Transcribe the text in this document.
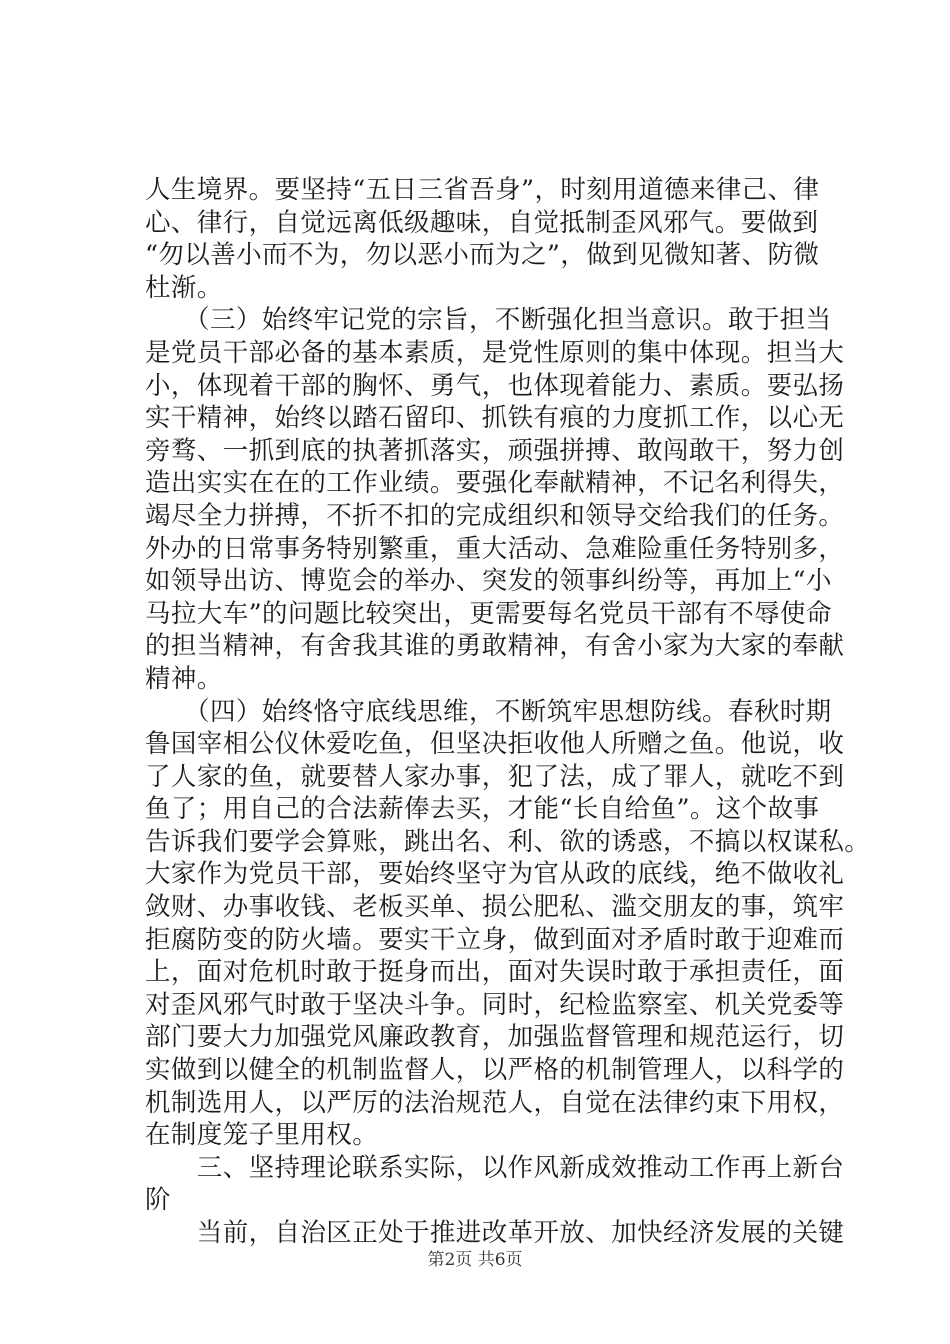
人生境界。要坚持“五日三省吾身”，时刻用道德来律己、律
心、律行，自觉远离低级趣味，自觉抵制歪风邪气。要做到
“勿以善小而不为，勿以恶小而为之”，做到见微知著、防微
杜渐。
　　（三）始终牢记党的宗旨，不断强化担当意识。敢于担当
是党员干部必备的基本素质，是党性原则的集中体现。担当大
小，体现着干部的胸怀、勇气，也体现着能力、素质。要弘扬
实干精神，始终以踏石留印、抓铁有痕的力度抓工作，以心无
旁骛、一抓到底的执著抓落实，顽强拼搏、敢闯敢干，努力创
造出实实在在的工作业绩。要强化奉献精神，不记名利得失，
竭尽全力拼搏，不折不扣的完成组织和领导交给我们的任务。
外办的日常事务特别繁重，重大活动、急难险重任务特别多，
如领导出访、博览会的举办、突发的领事纠纷等，再加上“小
马拉大车”的问题比较突出，更需要每名党员干部有不辱使命
的担当精神，有舍我其谁的勇敢精神，有舍小家为大家的奉献
精神。
　　（四）始终恪守底线思维，不断筑牢思想防线。春秋时期
鲁国宰相公仪休爱吃鱼，但坚决拒收他人所赠之鱼。他说，收
了人家的鱼，就要替人家办事，犯了法，成了罪人，就吃不到
鱼了；用自己的合法薪俸去买，才能“长自给鱼”。这个故事
告诉我们要学会算账，跳出名、利、欲的诱惑，不搞以权谋私。
大家作为党员干部，要始终坚守为官从政的底线，绝不做收礼
敛财、办事收钱、老板买单、损公肥私、滥交朋友的事，筑牢
拒腐防变的防火墙。要实干立身，做到面对矛盾时敢于迎难而
上，面对危机时敢于挺身而出，面对失误时敢于承担责任，面
对歪风邪气时敢于坚决斗争。同时，纪检监察室、机关党委等
部门要大力加强党风廉政教育，加强监督管理和规范运行，切
实做到以健全的机制监督人，以严格的机制管理人，以科学的
机制选用人，以严厉的法治规范人，自觉在法律约束下用权，
在制度笼子里用权。
　　三、坚持理论联系实际，以作风新成效推动工作再上新台
阶
　　当前，自治区正处于推进改革开放、加快经济发展的关键
第2页 共6页
